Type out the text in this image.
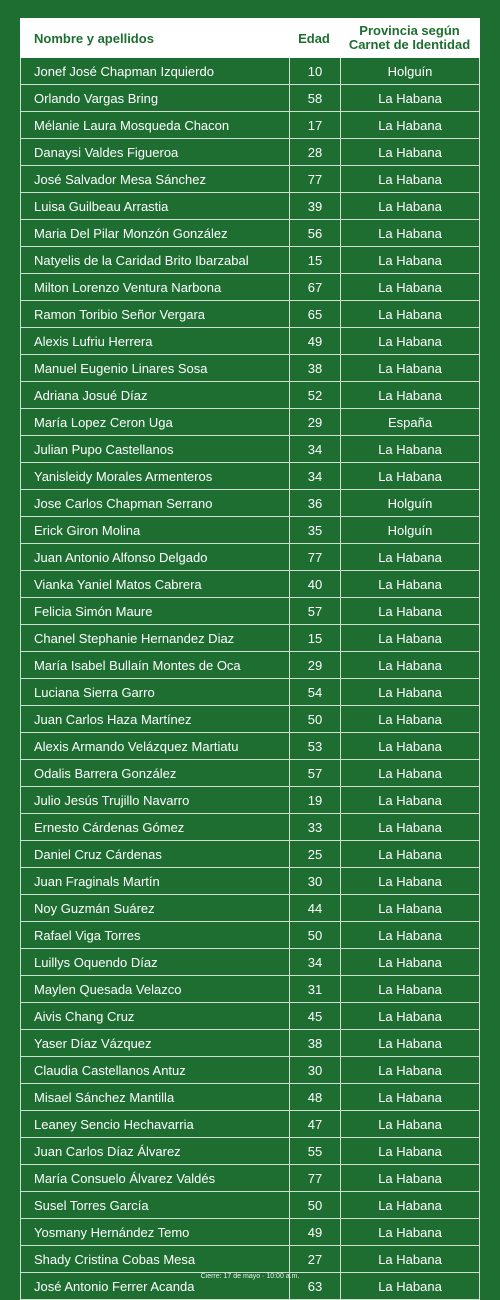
Nombre y apellidos	Edad	Provincia según
Carnet de Identidad
Jonef José Chapman Izquierdo	10	Holguín
Orlando Vargas Bring	58	La Habana
Mélanie Laura Mosqueda Chacon	17	La Habana
Danaysi Valdes Figueroa	28	La Habana
José Salvador Mesa Sánchez	77	La Habana
Luisa Guilbeau Arrastia	39	La Habana
Maria Del Pilar Monzón González	56	La Habana
Natyelis de la Caridad Brito Ibarzabal	15	La Habana
Milton Lorenzo Ventura Narbona	67	La Habana
Ramon Toribio Señor Vergara	65	La Habana
Alexis Lufriu Herrera	49	La Habana
Manuel Eugenio Linares Sosa	38	La Habana
Adriana Josué Díaz	52	La Habana
María Lopez Ceron Uga	29	España
Julian Pupo Castellanos	34	La Habana
Yanisleidy Morales Armenteros	34	La Habana
Jose Carlos Chapman Serrano	36	Holguín
Erick Giron Molina	35	Holguín
Juan Antonio Alfonso Delgado	77	La Habana
Vianka Yaniel Matos Cabrera	40	La Habana
Felicia Simón Maure	57	La Habana
Chanel Stephanie Hernandez Diaz	15	La Habana
María Isabel Bullaín Montes de Oca	29	La Habana
Luciana Sierra Garro	54	La Habana
Juan Carlos Haza Martínez	50	La Habana
Alexis Armando Velázquez Martiatu	53	La Habana
Odalis Barrera González	57	La Habana
Julio Jesús Trujillo Navarro	19	La Habana
Ernesto Cárdenas Gómez	33	La Habana
Daniel Cruz Cárdenas	25	La Habana
Juan Fraginals Martín	30	La Habana
Noy Guzmán Suárez	44	La Habana
Rafael Viga Torres	50	La Habana
Luillys Oquendo Díaz	34	La Habana
Maylen Quesada Velazco	31	La Habana
Aivis Chang Cruz	45	La Habana
Yaser Díaz Vázquez	38	La Habana
Claudia Castellanos Antuz	30	La Habana
Misael Sánchez Mantilla	48	La Habana
Leaney Sencio Hechavarria	47	La Habana
Juan Carlos Díaz Álvarez	55	La Habana
María Consuelo Álvarez Valdés	77	La Habana
Susel Torres García	50	La Habana
Yosmany Hernández Temo	49	La Habana
Shady Cristina Cobas Mesa	27	La Habana
José Antonio Ferrer Acanda	63	La Habana
Cierre: 17 de mayo · 10:00 a.m.
